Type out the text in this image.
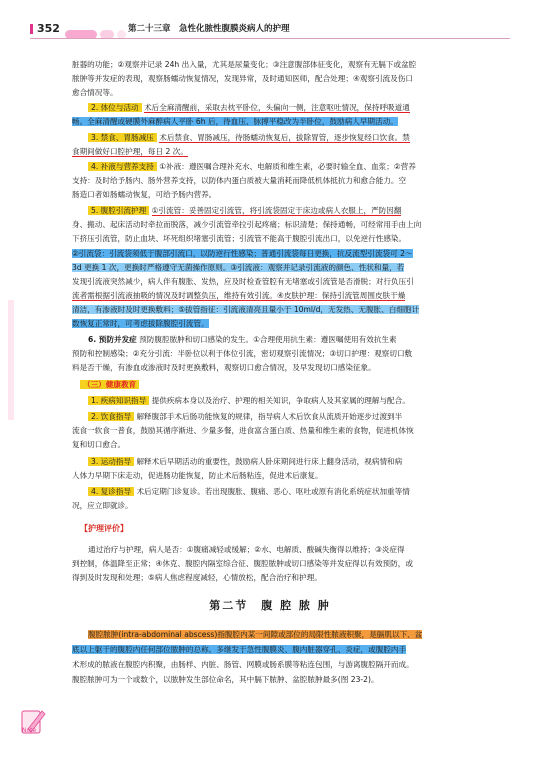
352	第二十三章　急性化脓性腹膜炎病人的护理
脏器的功能；②观察并记录 24h 出入量，尤其是尿量变化；③注意腹部体征变化，观察有无膈下或盆腔
脓肿等并发症的表现，观察肠蠕动恢复情况，发现异常，及时通知医师，配合处理；④观察引流及伤口
愈合情况等。
2. 体位与活动 术后全麻清醒前，采取去枕平卧位，头偏向一侧，注意呕吐情况，保持呼吸道通
畅。全麻清醒或硬膜外麻醉病人平卧 6h 后，待血压、脉搏平稳改为半卧位，鼓励病人早期活动。
3. 禁食、胃肠减压 术后禁食、胃肠减压，待肠蠕动恢复后，拔除胃管，逐步恢复经口饮食。禁
食期间做好口腔护理，每日 2 次。
4. 补液与营养支持 ①补液：遵医嘱合理补充水、电解质和维生素，必要时输全血、血浆；②营养
支持：及时给予肠内、肠外营养支持，以防体内蛋白质被大量消耗而降低机体抵抗力和愈合能力。空
肠造口者如肠蠕动恢复，可给予肠内营养。
5. 腹腔引流护理 ①引流管：妥善固定引流管，将引流袋固定于床边或病人衣服上，严防因翻
身、搬动、起床活动时牵拉而脱落，减少引流管牵拉引起疼痛；标识清楚；保持通畅，可经常用手由上向
下挤压引流管，防止血块、坏死组织堵塞引流管；引流管不能高于腹腔引流出口，以免逆行性感染。
②引流袋：引流袋须低于腹部引流口，以防逆行性感染；普通引流袋每日更换，抗反流型引流袋可 2～
3d 更换 1 次，更换时严格遵守无菌操作原则。③引流液：观察并记录引流液的颜色、性状和量，若
发现引流液突然减少，病人伴有腹胀、发热，应及时检查管腔有无堵塞或引流管是否滑脱；对行负压引
流者需根据引流液抽吸的情况及时调整负压，维持有效引流。④皮肤护理：保持引流管周围皮肤干燥
清洁，有渗液时及时更换敷料；⑤拔管指征：引流液清亮且量小于 10ml/d，无发热、无腹胀、白细胞计
数恢复正常时，可考虑拔除腹腔引流管。
6. 预防并发症 预防腹腔脓肿和切口感染的发生。①合理使用抗生素：遵医嘱使用有效抗生素
预防和控制感染；②充分引流：半卧位以利于体位引流，密切观察引流情况；③切口护理：观察切口敷
料是否干燥，有渗血或渗液时及时更换敷料，观察切口愈合情况，及早发现切口感染征象。
（三）健康教育
1. 疾病知识指导 提供疾病本身以及治疗、护理的相关知识，争取病人及其家属的理解与配合。
2. 饮食指导 解释腹部手术后肠功能恢复的规律，指导病人术后饮食从流质开始逐步过渡到半
流食一软食一普食，鼓励其循序渐进、少量多餐，进食富含蛋白质、热量和维生素的食物，促进机体恢
复和切口愈合。
3. 运动指导 解释术后早期活动的重要性，鼓励病人卧床期间进行床上翻身活动，视病情和病
人体力早期下床走动，促进肠功能恢复，防止术后肠粘连，促进术后康复。
4. 复诊指导 术后定期门诊复诊。若出现腹胀、腹痛、恶心、呕吐或原有消化系统症状加重等情
况，应立即就诊。
【护理评价】
通过治疗与护理，病人是否：①腹痛减轻或缓解；②水、电解质、酸碱失衡得以维持；③炎症得
到控制，体温降至正常；④休克、腹腔内隔室综合征、腹腔脓肿或切口感染等并发症得以有效预防，或
得到及时发现和处理；⑤病人焦虑程度减轻，心情放松，配合治疗和护理。
第二节　腹 腔 脓 肿
腹腔脓肿(intra-abdominal abscess)指腹腔内某一间隙或部位的局限性脓液积聚，是膈肌以下、盆
底以上躯干的腹腔内任何部位脓肿的总称。多继发于急性腹膜炎、腹内脏器穿孔、炎症，或腹腔内手
术形成的脓液在腹腔内积聚，由肠样、内脏、肠管、网膜或肠系膜等粘连包围，与游离腹腔隔开而成。
腹腔脓肿可为一个或数个，以脓肿发生部位命名，其中膈下脓肿、盆腔脓肿最多(图 23-2)。
Note
